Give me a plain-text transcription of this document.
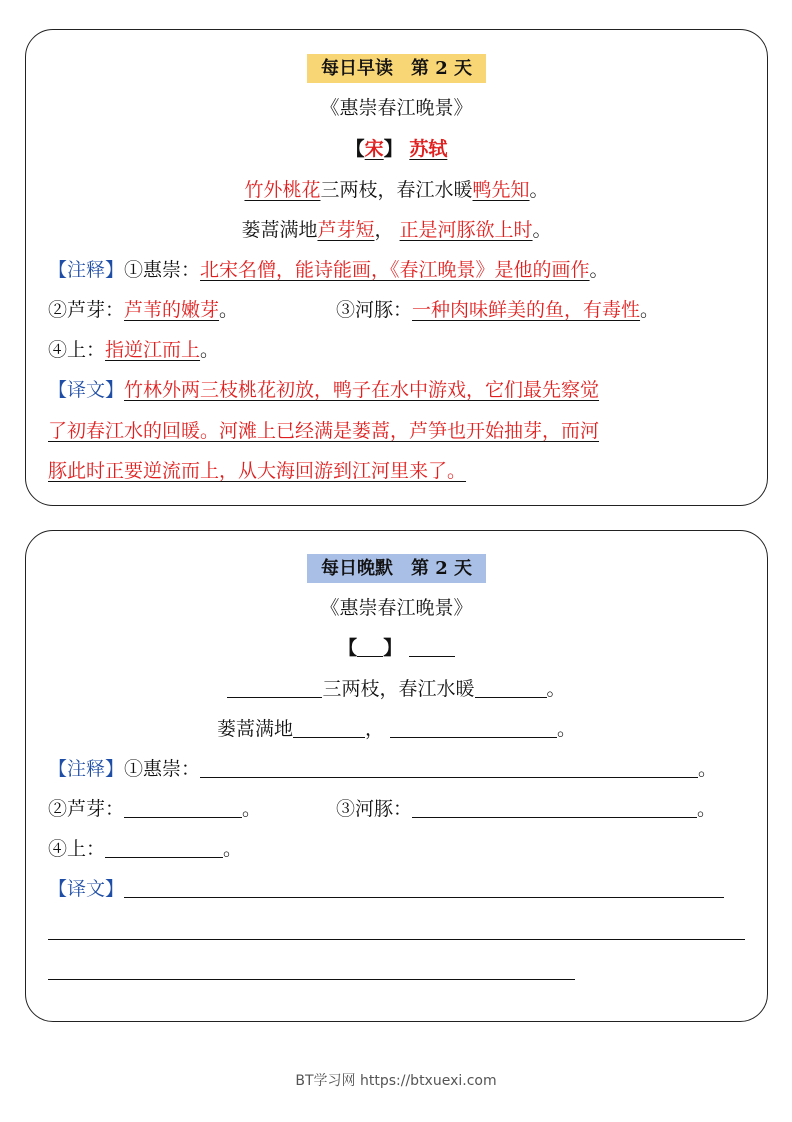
每日早读　第 2 天
《惠崇春江晚景》
【宋】 苏轼
竹外桃花三两枝，春江水暖鸭先知。
蒌蒿满地芦芽短， 正是河豚欲上时。
【注释】①惠崇：北宋名僧，能诗能画，《春江晚景》是他的画作。
②芦芽：芦苇的嫩芽。	③河豚：一种肉味鲜美的鱼，有毒性。
④上：指逆江而上。
【译文】竹林外两三枝桃花初放，鸭子在水中游戏，它们最先察觉
了初春江水的回暖。河滩上已经满是蒌蒿，芦笋也开始抽芽，而河
豚此时正要逆流而上，从大海回游到江河里来了。
每日晚默　第 2 天
《惠崇春江晚景》
【 】
三两枝，春江水暖	。
蒌蒿满地	，	。
【注释】①惠崇：	。
②芦芽：	。	③河豚：	。
④上：	。
【译文】
BT学习网 https://btxuexi.com
